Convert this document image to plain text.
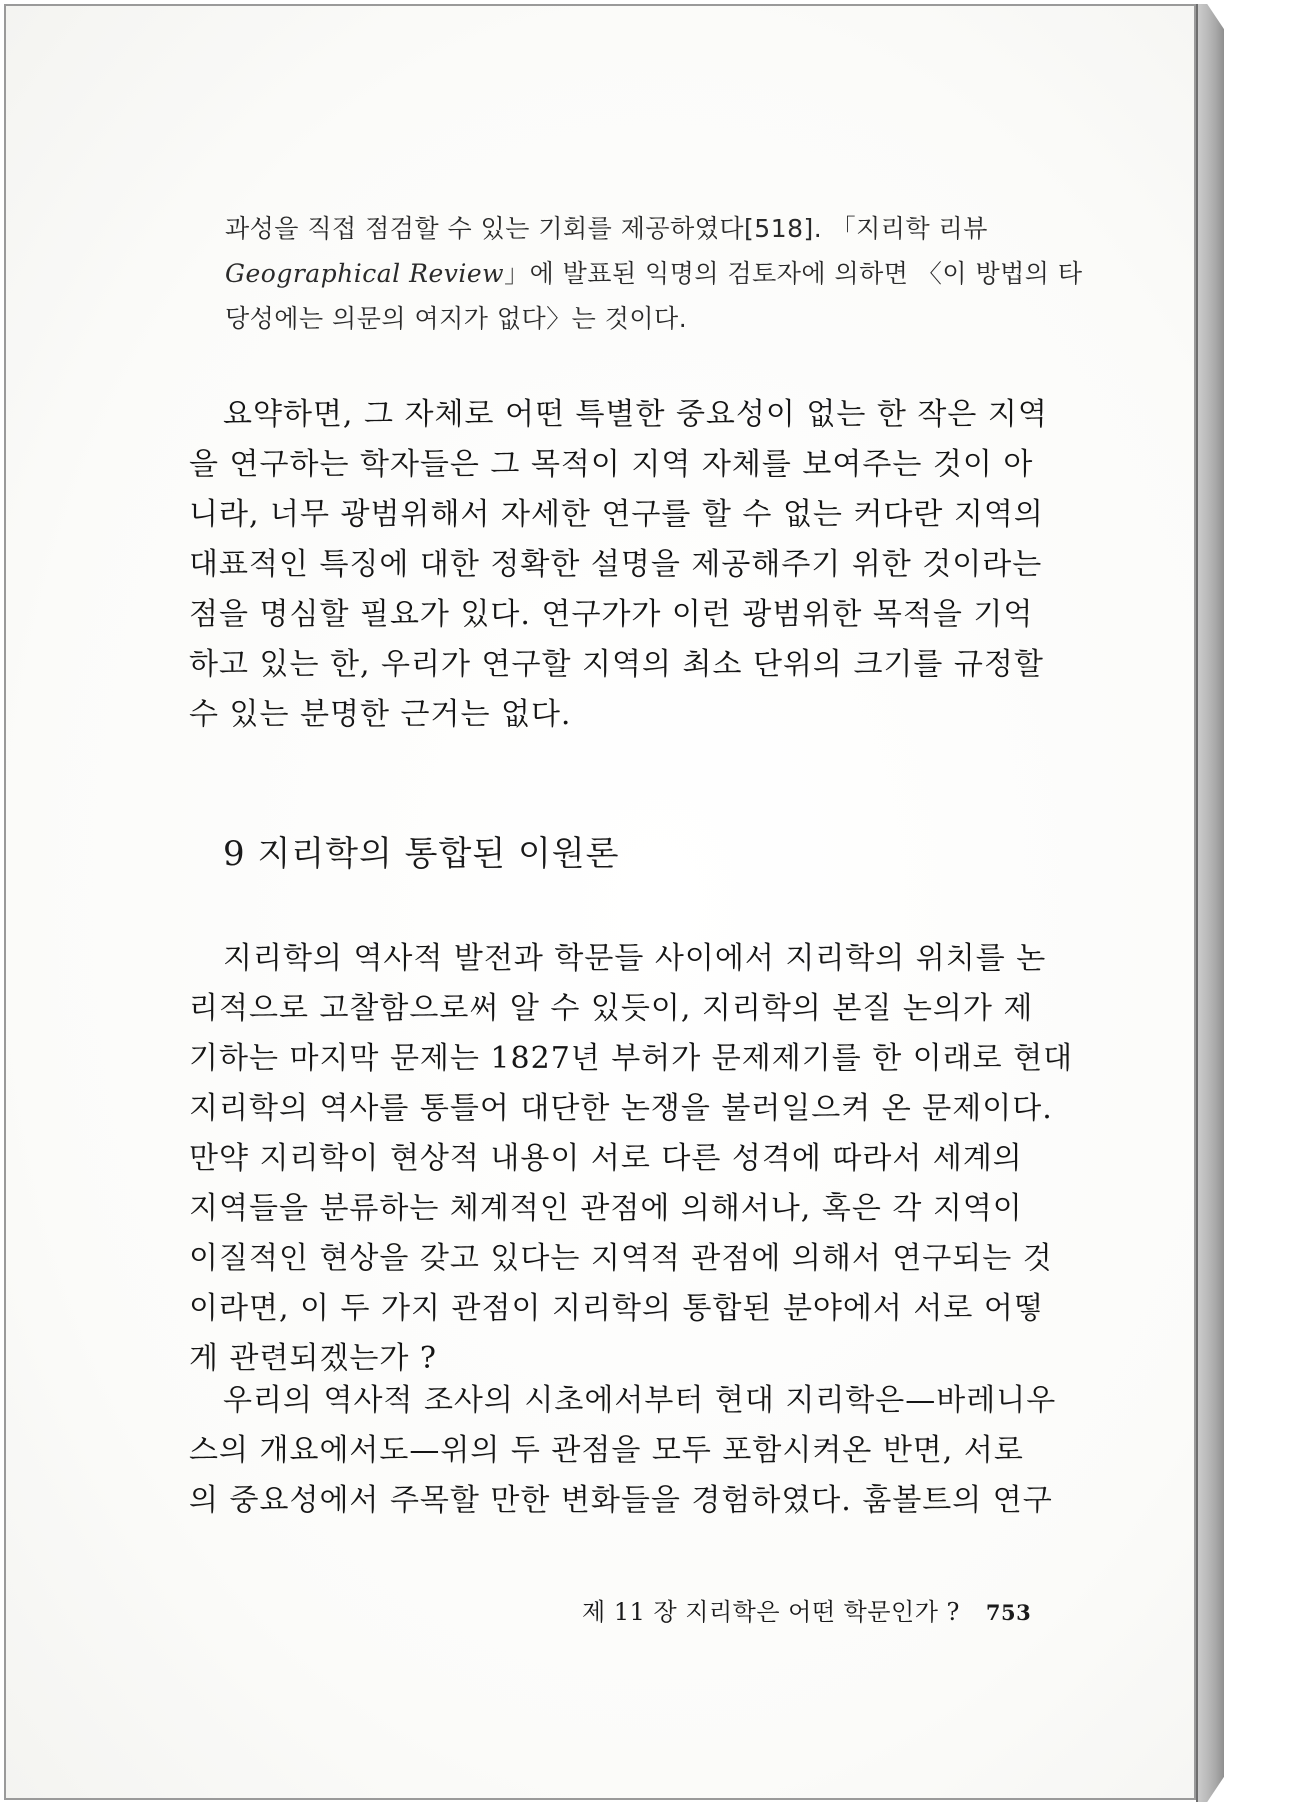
과성을 직접 점검할 수 있는 기회를 제공하였다[518]. 「지리학 리뷰
Geographical Review」에 발표된 익명의 검토자에 의하면 〈이 방법의 타
당성에는 의문의 여지가 없다〉는 것이다.
요약하면, 그 자체로 어떤 특별한 중요성이 없는 한 작은 지역
을 연구하는 학자들은 그 목적이 지역 자체를 보여주는 것이 아
니라, 너무 광범위해서 자세한 연구를 할 수 없는 커다란 지역의
대표적인 특징에 대한 정확한 설명을 제공해주기 위한 것이라는
점을 명심할 필요가 있다. 연구가가 이런 광범위한 목적을 기억
하고 있는 한, 우리가 연구할 지역의 최소 단위의 크기를 규정할
수 있는 분명한 근거는 없다.
9 지리학의 통합된 이원론
지리학의 역사적 발전과 학문들 사이에서 지리학의 위치를 논
리적으로 고찰함으로써 알 수 있듯이, 지리학의 본질 논의가 제
기하는 마지막 문제는 1827년 부허가 문제제기를 한 이래로 현대
지리학의 역사를 통틀어 대단한 논쟁을 불러일으켜 온 문제이다.
만약 지리학이 현상적 내용이 서로 다른 성격에 따라서 세계의
지역들을 분류하는 체계적인 관점에 의해서나, 혹은 각 지역이
이질적인 현상을 갖고 있다는 지역적 관점에 의해서 연구되는 것
이라면, 이 두 가지 관점이 지리학의 통합된 분야에서 서로 어떻
게 관련되겠는가 ?
우리의 역사적 조사의 시초에서부터 현대 지리학은—바레니우
스의 개요에서도—위의 두 관점을 모두 포함시켜온 반면, 서로
의 중요성에서 주목할 만한 변화들을 경험하였다. 훔볼트의 연구
제 11 장 지리학은 어떤 학문인가 ? 753
